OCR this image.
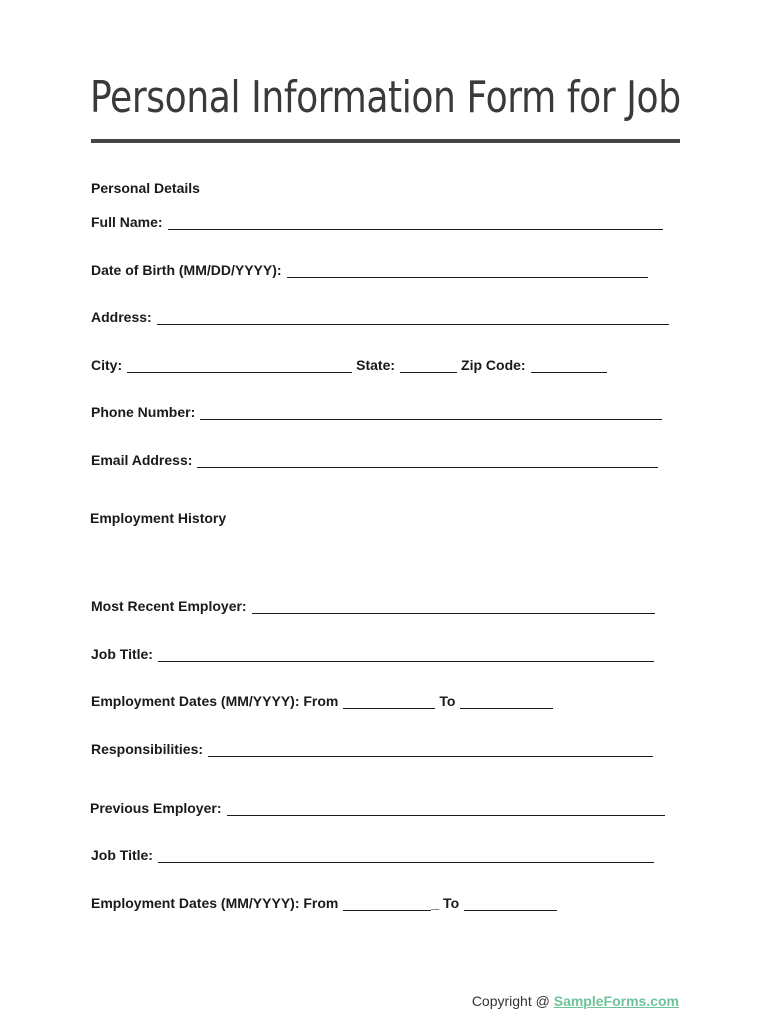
Personal Information Form for Job
Personal Details
Full Name:
Date of Birth (MM/DD/YYYY):
Address:
City:	State:	Zip Code:
Phone Number:
Email Address:
Employment History
Most Recent Employer:
Job Title:
Employment Dates (MM/YYYY): From	To
Responsibilities:
Previous Employer:
Job Title:
Employment Dates (MM/YYYY): From	_ To
Copyright @ SampleForms.com
